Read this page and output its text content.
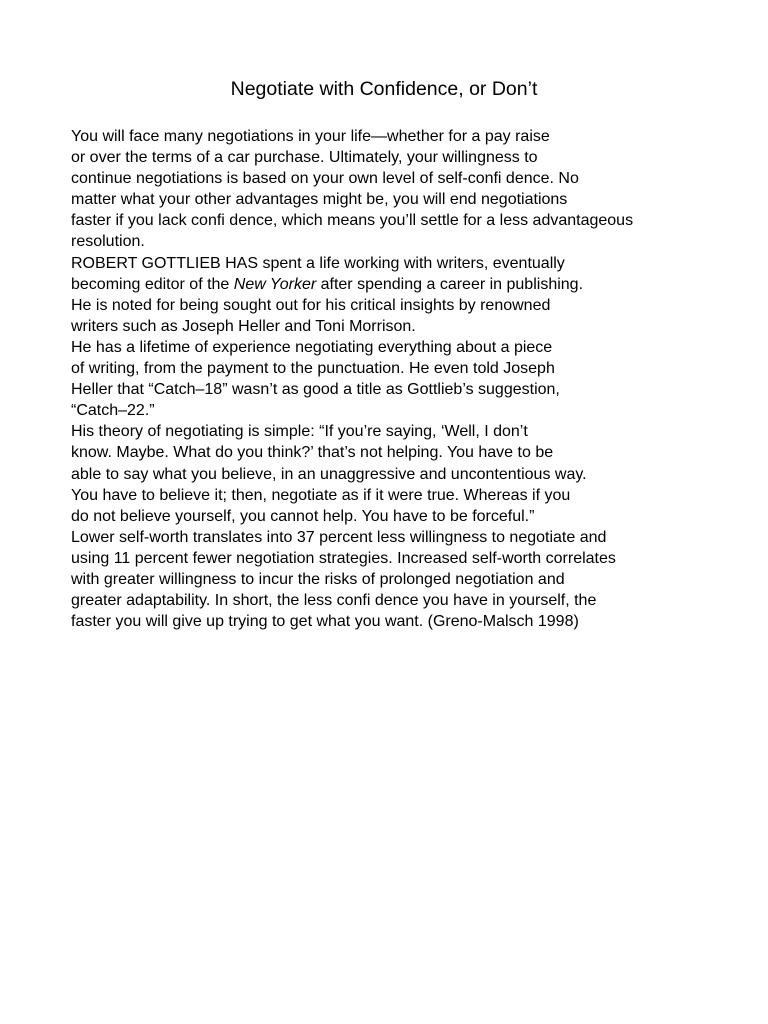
Negotiate with Confidence, or Don’t
You will face many negotiations in your life—whether for a pay raise
or over the terms of a car purchase. Ultimately, your willingness to
continue negotiations is based on your own level of self-confi dence. No
matter what your other advantages might be, you will end negotiations
faster if you lack confi dence, which means you’ll settle for a less advantageous
resolution.
ROBERT GOTTLIEB HAS spent a life working with writers, eventually
becoming editor of the New Yorker after spending a career in publishing.
He is noted for being sought out for his critical insights by renowned
writers such as Joseph Heller and Toni Morrison.
He has a lifetime of experience negotiating everything about a piece
of writing, from the payment to the punctuation. He even told Joseph
Heller that “Catch–18” wasn’t as good a title as Gottlieb’s suggestion,
“Catch–22.”
His theory of negotiating is simple: “If you’re saying, ‘Well, I don’t
know. Maybe. What do you think?’ that’s not helping. You have to be
able to say what you believe, in an unaggressive and uncontentious way.
You have to believe it; then, negotiate as if it were true. Whereas if you
do not believe yourself, you cannot help. You have to be forceful.”
Lower self-worth translates into 37 percent less willingness to negotiate and
using 11 percent fewer negotiation strategies. Increased self-worth correlates
with greater willingness to incur the risks of prolonged negotiation and
greater adaptability. In short, the less confi dence you have in yourself, the
faster you will give up trying to get what you want. (Greno-Malsch 1998)
